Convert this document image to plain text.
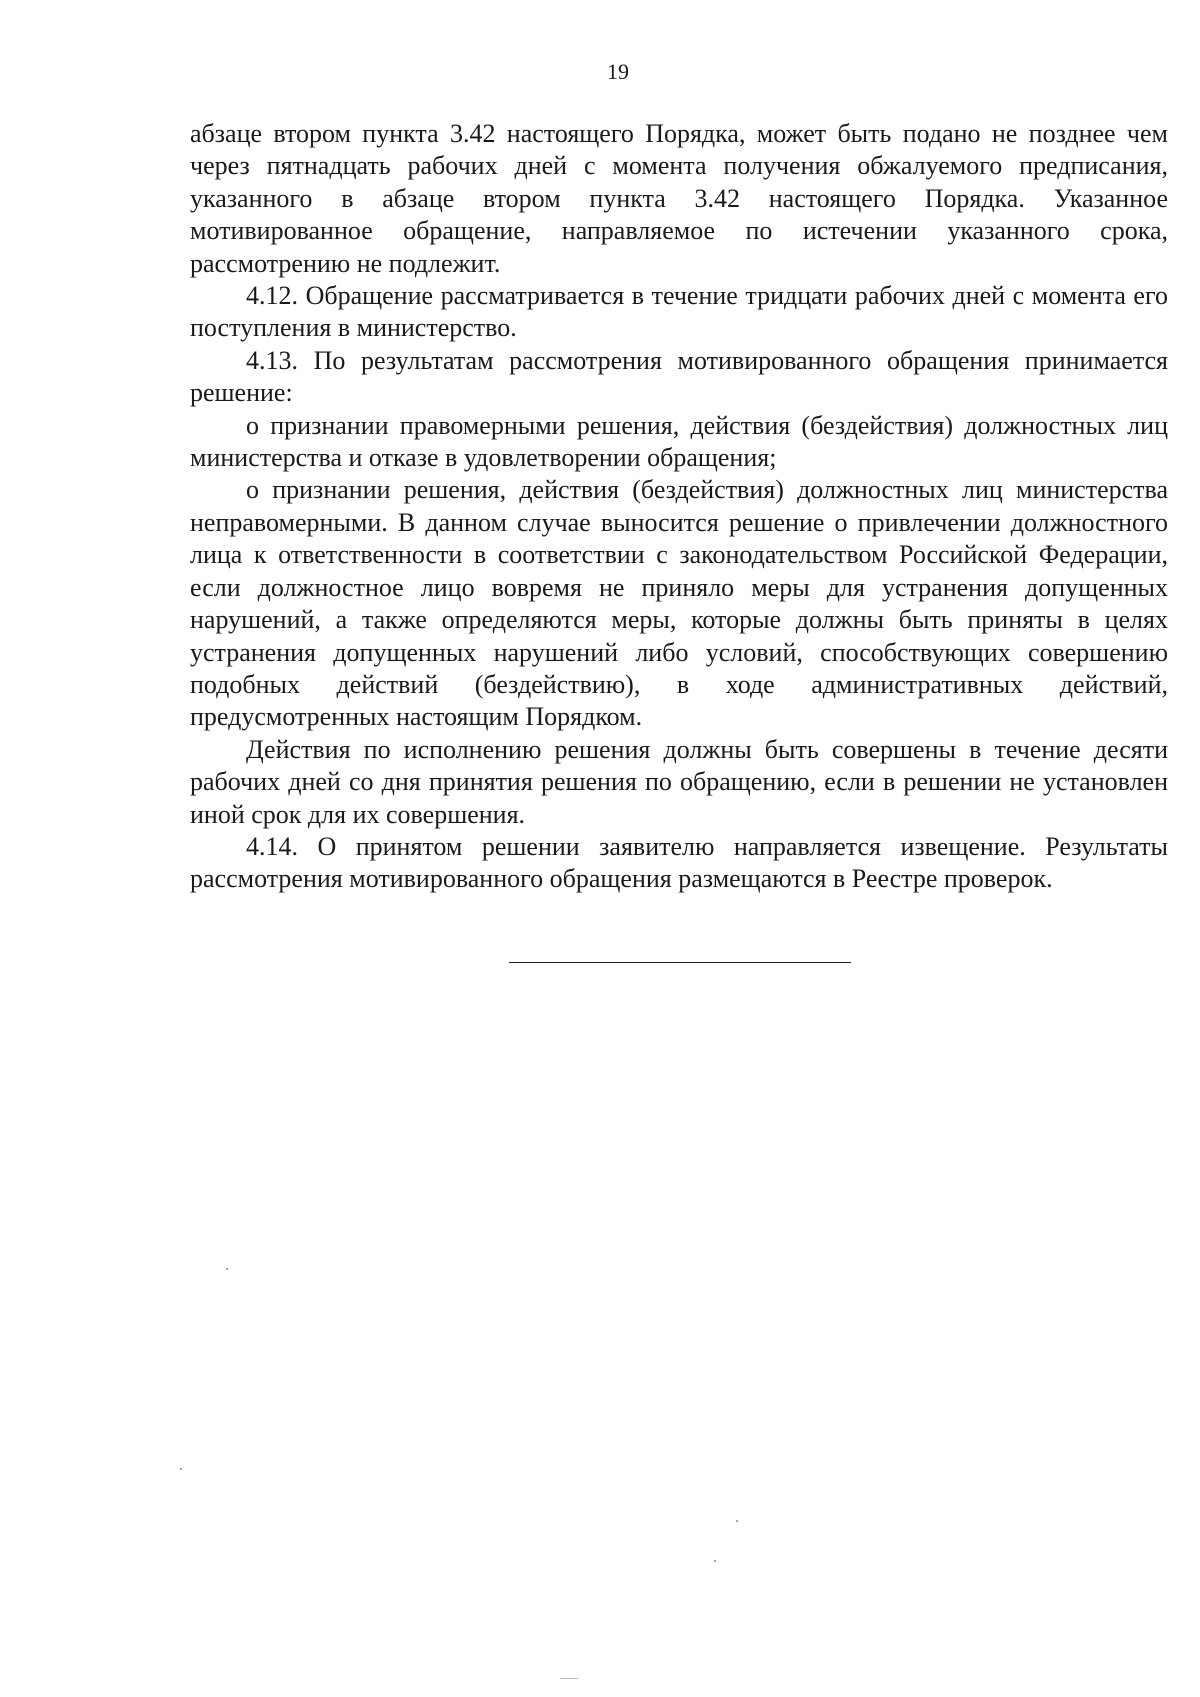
19

абзаце втором пункта 3.42 настоящего Порядка, может быть подано не позднее чем через пятнадцать рабочих дней с момента получения обжалуемого предписания, указанного в абзаце втором пункта 3.42 настоящего Порядка. Указанное мотивированное обращение, направляемое по истечении указанного срока, рассмотрению не подлежит.

4.12. Обращение рассматривается в течение тридцати рабочих дней с момента его поступления в министерство.

4.13. По результатам рассмотрения мотивированного обращения принимается решение:

о признании правомерными решения, действия (бездействия) должностных лиц министерства и отказе в удовлетворении обращения;

о признании решения, действия (бездействия) должностных лиц министерства неправомерными. В данном случае выносится решение о привлечении должностного лица к ответственности в соответствии с законодательством Российской Федерации, если должностное лицо вовремя не приняло меры для устранения допущенных нарушений, а также определяются меры, которые должны быть приняты в целях устранения допущенных нарушений либо условий, способствующих совершению подобных действий (бездействию), в ходе административных действий, предусмотренных настоящим Порядком.

Действия по исполнению решения должны быть совершены в течение десяти рабочих дней со дня принятия решения по обращению, если в решении не установлен иной срок для их совершения.

4.14. О принятом решении заявителю направляется извещение. Результаты рассмотрения мотивированного обращения размещаются в Реестре проверок.
